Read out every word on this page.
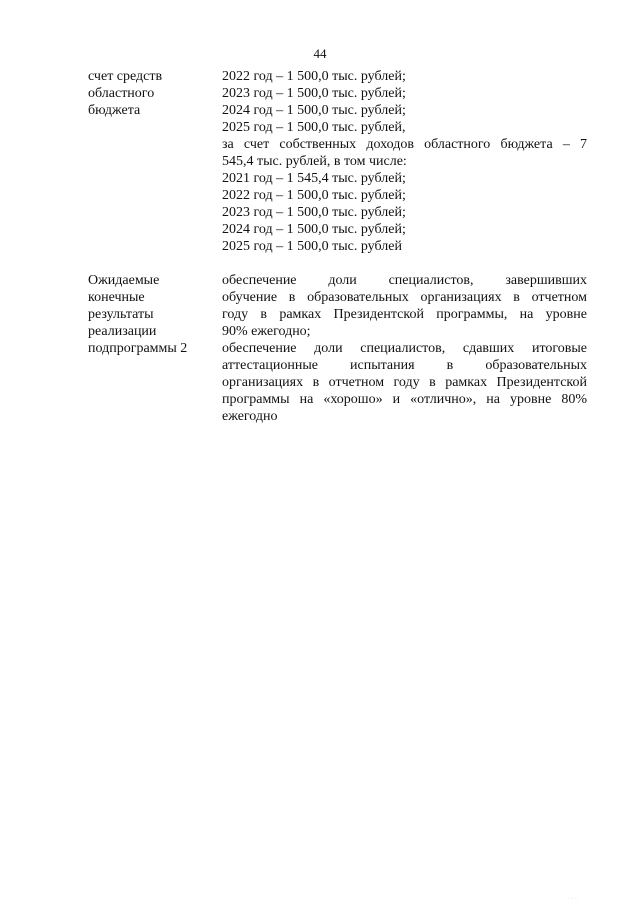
44
счет средств
областного
бюджета
2022 год – 1 500,0 тыс. рублей;
2023 год – 1 500,0 тыс. рублей;
2024 год – 1 500,0 тыс. рублей;
2025 год – 1 500,0 тыс. рублей,
за счет собственных доходов областного бюджета – 7
545,4 тыс. рублей, в том числе:
2021 год – 1 545,4 тыс. рублей;
2022 год – 1 500,0 тыс. рублей;
2023 год – 1 500,0 тыс. рублей;
2024 год – 1 500,0 тыс. рублей;
2025 год – 1 500,0 тыс. рублей
Ожидаемые
конечные
результаты
реализации
подпрограммы 2
обеспечение доли специалистов, завершивших
обучение в образовательных организациях в отчетном
году в рамках Президентской программы, на уровне
90% ежегодно;
обеспечение доли специалистов, сдавших итоговые
аттестационные испытания в образовательных
организациях в отчетном году в рамках Президентской
программы на «хорошо» и «отлично», на уровне 80%
ежегодно
· · ·
